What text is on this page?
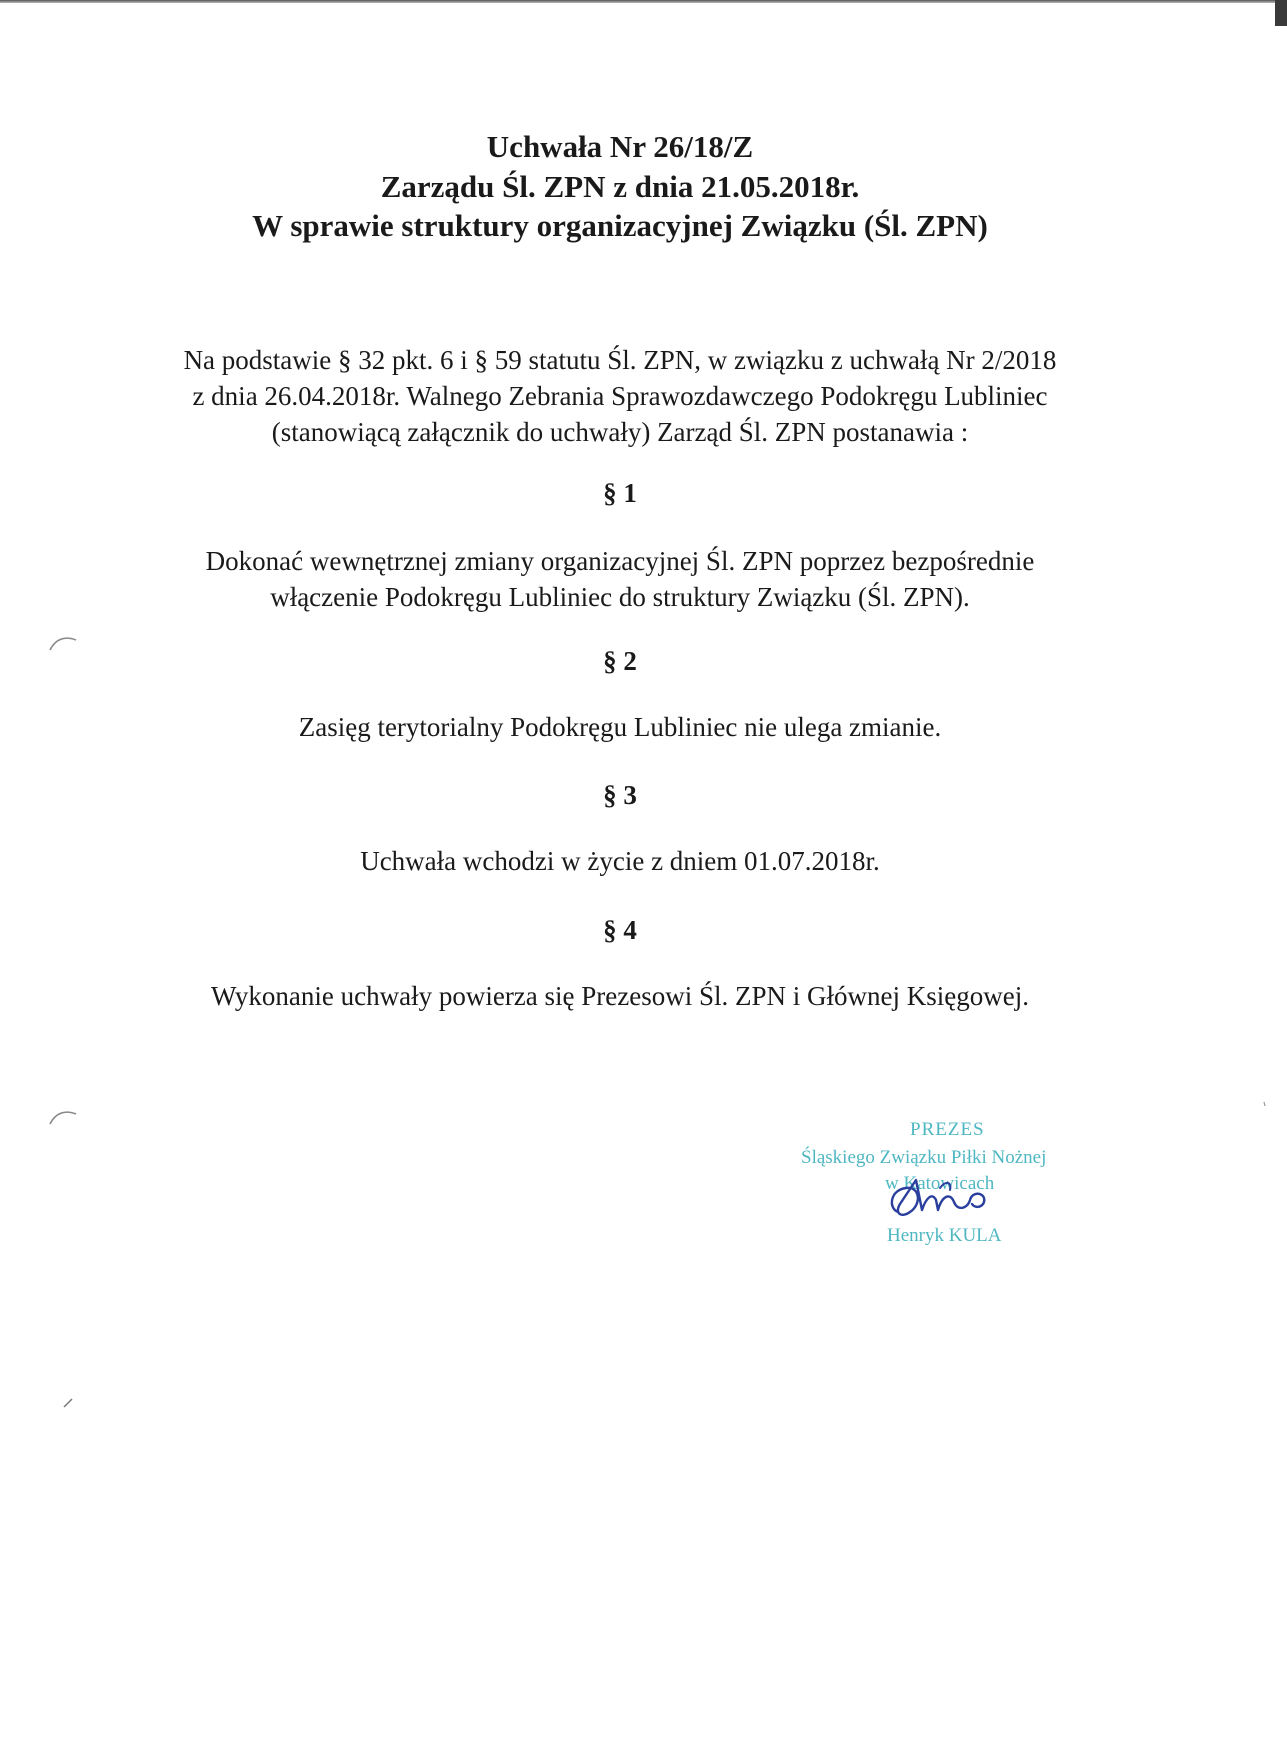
Uchwała Nr 26/18/Z
Zarządu Śl. ZPN z dnia 21.05.2018r.
W sprawie struktury organizacyjnej Związku (Śl. ZPN)
Na podstawie § 32 pkt. 6 i § 59 statutu Śl. ZPN, w związku z uchwałą Nr 2/2018
z dnia 26.04.2018r. Walnego Zebrania Sprawozdawczego Podokręgu Lubliniec
(stanowiącą załącznik do uchwały) Zarząd Śl. ZPN postanawia :
§ 1
Dokonać wewnętrznej zmiany organizacyjnej Śl. ZPN poprzez bezpośrednie
włączenie Podokręgu Lubliniec do struktury Związku (Śl. ZPN).
§ 2
Zasięg terytorialny Podokręgu Lubliniec nie ulega zmianie.
§ 3
Uchwała wchodzi w życie z dniem 01.07.2018r.
§ 4
Wykonanie uchwały powierza się Prezesowi Śl. ZPN i Głównej Księgowej.
PREZES
Śląskiego Związku Piłki Nożnej
w Katowicach
Henryk KULA
